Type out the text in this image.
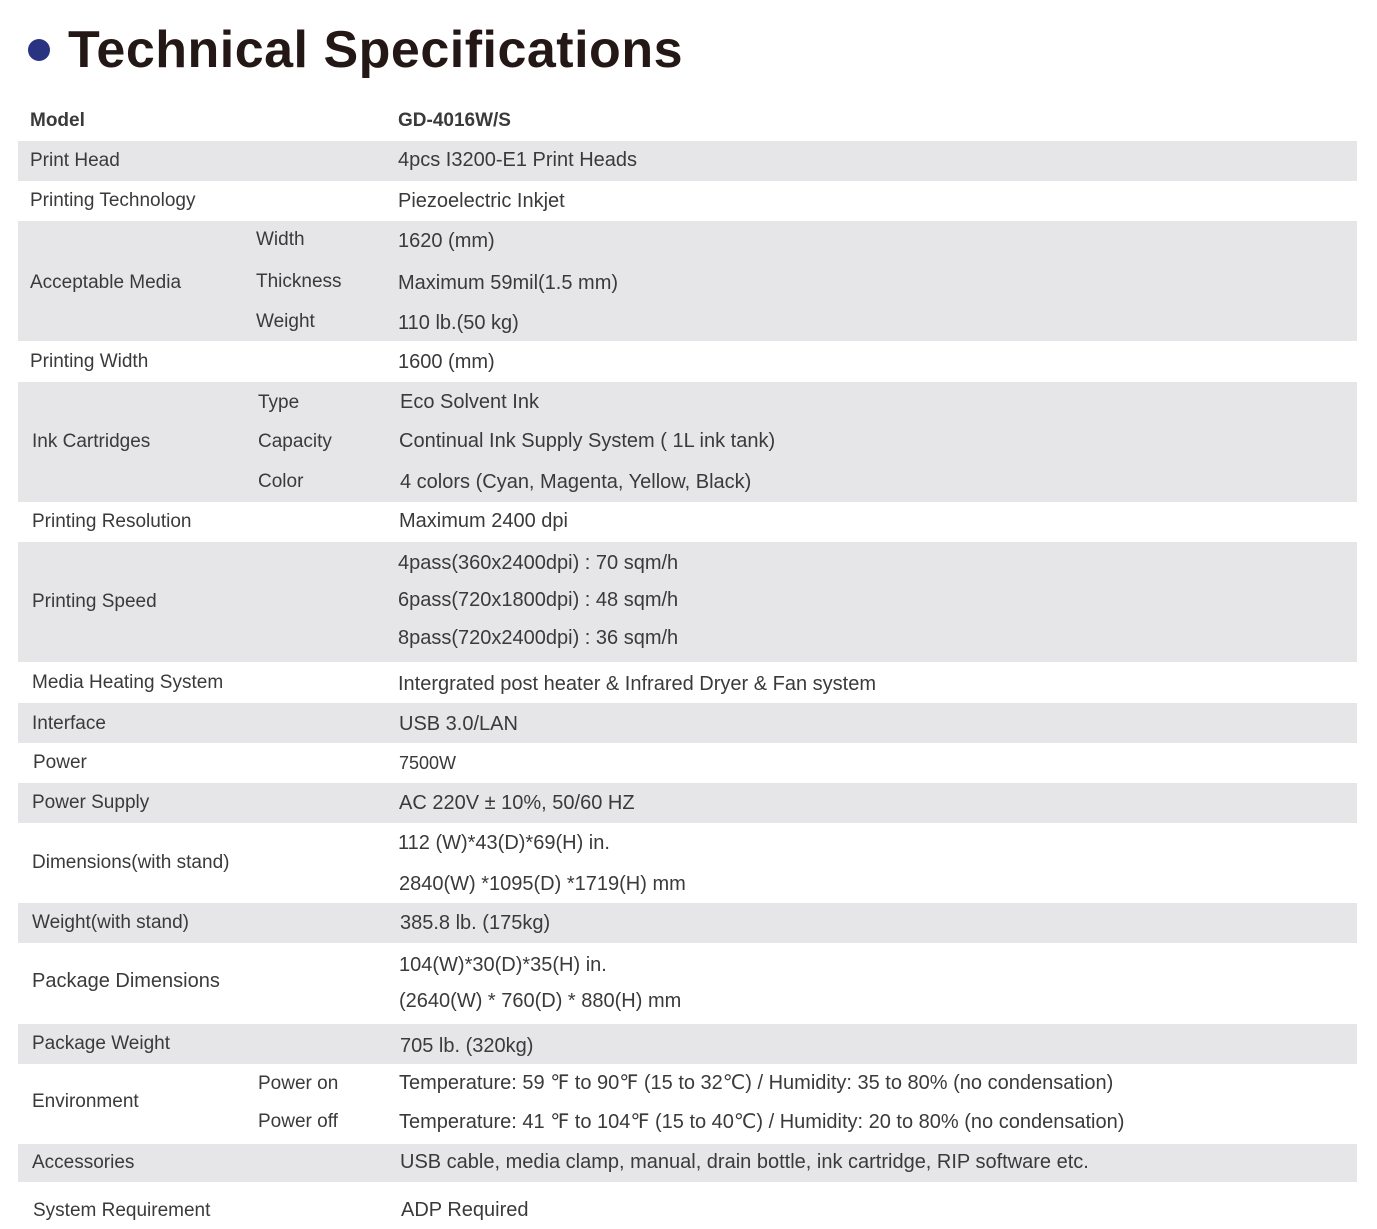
Technical Specifications
Model	GD-4016W/S
Print Head	4pcs I3200-E1 Print Heads
Printing Technology	Piezoelectric Inkjet
Acceptable Media
Width	1620 (mm)
Thickness	Maximum 59mil(1.5 mm)
Weight	110 lb.(50 kg)
Printing Width	1600 (mm)
Ink Cartridges
Type	Eco Solvent Ink
Capacity	Continual Ink Supply System ( 1L ink tank)
Color	4 colors (Cyan, Magenta, Yellow, Black)
Printing Resolution	Maximum 2400 dpi
Printing Speed
4pass(360x2400dpi) : 70 sqm/h
6pass(720x1800dpi) : 48 sqm/h
8pass(720x2400dpi) : 36 sqm/h
Media Heating System	Intergrated post heater & Infrared Dryer & Fan system
Interface	USB 3.0/LAN
Power	7500W
Power Supply	AC 220V ± 10%, 50/60 HZ
Dimensions(with stand)
112 (W)*43(D)*69(H) in.
2840(W) *1095(D) *1719(H) mm
Weight(with stand)	385.8 lb. (175kg)
Package Dimensions
104(W)*30(D)*35(H) in.
(2640(W) * 760(D) * 880(H) mm
Package Weight	705 lb. (320kg)
Environment
Power on	Temperature: 59 ℉ to 90℉ (15 to 32℃) / Humidity: 35 to 80% (no condensation)
Power off	Temperature: 41 ℉ to 104℉ (15 to 40℃) / Humidity: 20 to 80% (no condensation)
Accessories	USB cable, media clamp, manual, drain bottle, ink cartridge, RIP software etc.
System Requirement	ADP Required
